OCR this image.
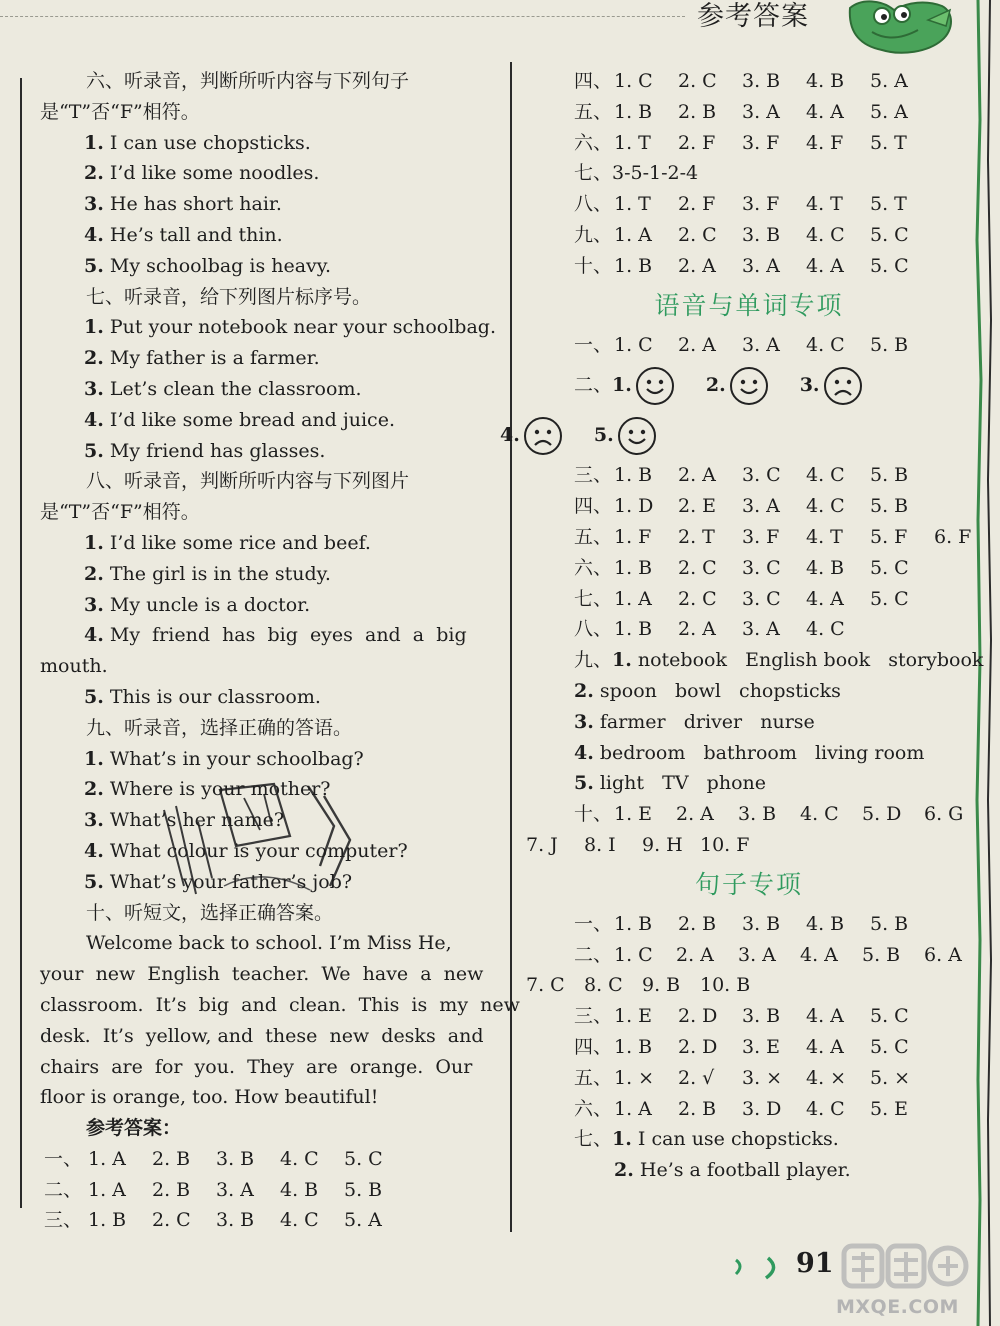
参考答案
六、听录音，判断所听内容与下列句子
是“T”否“F”相符。
1. I can use chopsticks.
2. I’d like some noodles.
3. He has short hair.
4. He’s tall and thin.
5. My schoolbag is heavy.
七、听录音，给下列图片标序号。
1. Put your notebook near your schoolbag.
2. My father is a farmer.
3. Let’s clean the classroom.
4. I’d like some bread and juice.
5. My friend has glasses.
八、听录音，判断所听内容与下列图片
是“T”否“F”相符。
1. I’d like some rice and beef.
2. The girl is in the study.
3. My uncle is a doctor.
4. My  friend  has  big  eyes  and  a  big
mouth.
5. This is our classroom.
九、听录音，选择正确的答语。
1. What’s in your schoolbag?
2. Where is your mother?
3. What’s her name?
4. What colour is your computer?
5. What’s your father’s job?
十、听短文，选择正确答案。
Welcome back to school. I’m Miss He,
your  new  English  teacher.  We  have  a  new
classroom.  It’s  big  and  clean.  This  is  my  new
desk.  It’s  yellow, and  these  new  desks  and
chairs  are  for  you.  They  are  orange.  Our
floor is orange, too. How beautiful!
参考答案：
一、 1. A 2. B 3. B 4. C 5. C
二、 1. A 2. B 3. A 4. B 5. B
三、 1. B 2. C 3. B 4. C 5. A
四、 1. C 2. C 3. B 4. B 5. A
五、 1. B 2. B 3. A 4. A 5. A
六、 1. T 2. F 3. F 4. F 5. T
七、3-5-1-2-4
八、 1. T 2. F 3. F 4. T 5. T
九、 1. A 2. C 3. B 4. C 5. C
十、 1. B 2. A 3. A 4. A 5. C
语音与单词专项
一、 1. C 2. A 3. A 4. C 5. B
二、1.	2.	3.
4.	5.
三、 1. B 2. A 3. C 4. C 5. B
四、 1. D 2. E 3. A 4. C 5. B
五、 1. F 2. T 3. F 4. T 5. F 6. F
六、 1. B 2. C 3. C 4. B 5. C
七、 1. A 2. C 3. C 4. A 5. C
八、 1. B 2. A 3. A 4. C
九、1. notebook   English book   storybook
2. spoon   bowl   chopsticks
3. farmer   driver   nurse
4. bedroom   bathroom   living room
5. light   TV   phone
十、 1. E 2. A 3. B 4. C 5. D 6. G
7. J 8. I 9. H 10. F
句子专项
一、 1. B 2. B 3. B 4. B 5. B
二、 1. C 2. A 3. A 4. A 5. B 6. A
7. C 8. C 9. B 10. B
三、 1. E 2. D 3. B 4. A 5. C
四、 1. B 2. D 3. E 4. A 5. C
五、 1. × 2. √ 3. × 4. × 5. ×
六、 1. A 2. B 3. D 4. C 5. E
七、1. I can use chopsticks.
2. He’s a football player.
91
MXQE.COM
